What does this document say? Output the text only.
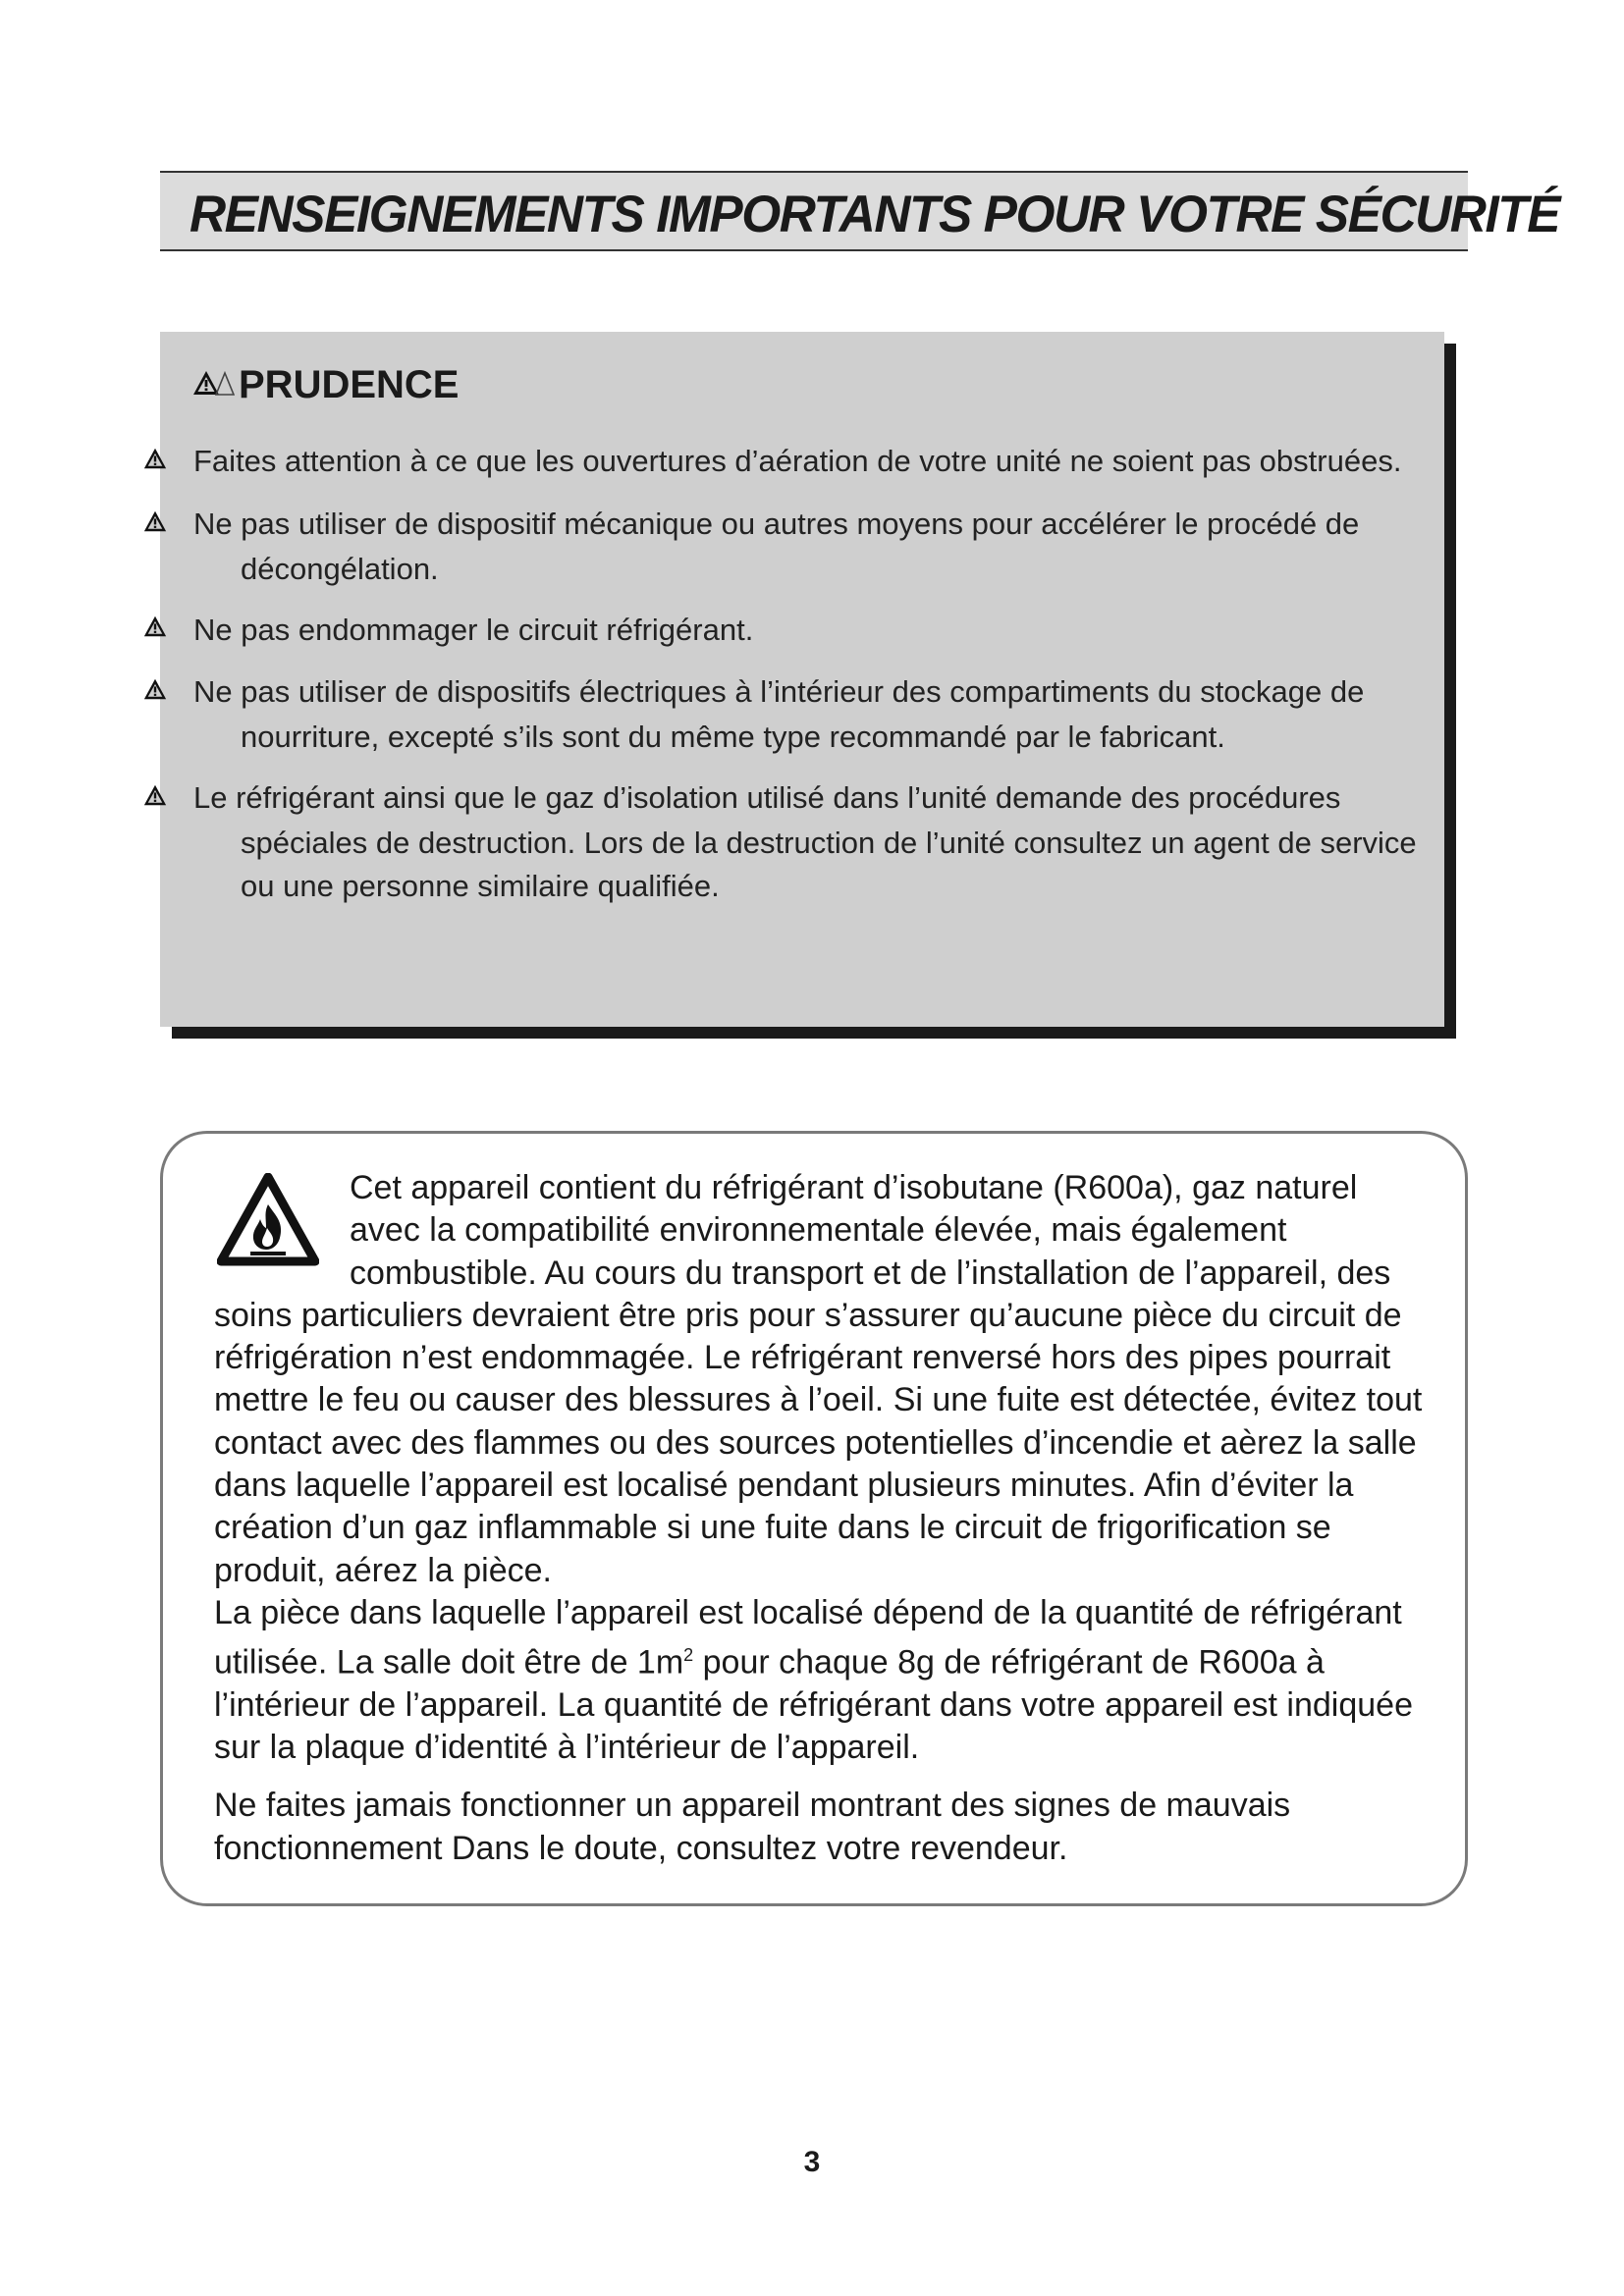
RENSEIGNEMENTS IMPORTANTS POUR VOTRE SÉCURITÉ
PRUDENCE
Faites attention à ce que les ouvertures d’aération de votre unité ne soient pas obstruées.
Ne pas utiliser de dispositif mécanique ou autres moyens pour accélérer le procédé de décongélation.
Ne pas endommager le circuit réfrigérant.
Ne pas utiliser de dispositifs électriques à l’intérieur des compartiments du stockage de nourriture, excepté s’ils sont du même type recommandé par le fabricant.
Le réfrigérant ainsi que le gaz d’isolation utilisé dans l’unité demande des procédures spéciales de destruction. Lors de la destruction de l’unité consultez un agent de service ou une personne similaire qualifiée.

Cet appareil contient du réfrigérant d’isobutane (R600a), gaz naturel avec la compatibilité environnementale élevée, mais également combustible. Au cours du transport et de l’installation de l’appareil, des soins particuliers devraient être pris pour s’assurer qu’aucune pièce du circuit de réfrigération n’est endommagée. Le réfrigérant renversé hors des pipes pourrait mettre le feu ou causer des blessures à l’oeil. Si une fuite est détectée, évitez tout contact avec des flammes ou des sources potentielles d’incendie et aèrez la salle dans laquelle l’appareil est localisé pendant plusieurs minutes. Afin d’éviter la création d’un gaz inflammable si une fuite dans le circuit de frigorification se produit, aérez la pièce.

La pièce dans laquelle l’appareil est localisé dépend de la quantité de réfrigérant utilisée. La salle doit être de $1m^2$ pour chaque 8g de réfrigérant de R600a à l’intérieur de l’appareil. La quantité de réfrigérant dans votre appareil est indiquée sur la plaque d’identité à l’intérieur de l’appareil.

Ne faites jamais fonctionner un appareil montrant des signes de mauvais fonctionnement Dans le doute, consultez votre revendeur.

3
